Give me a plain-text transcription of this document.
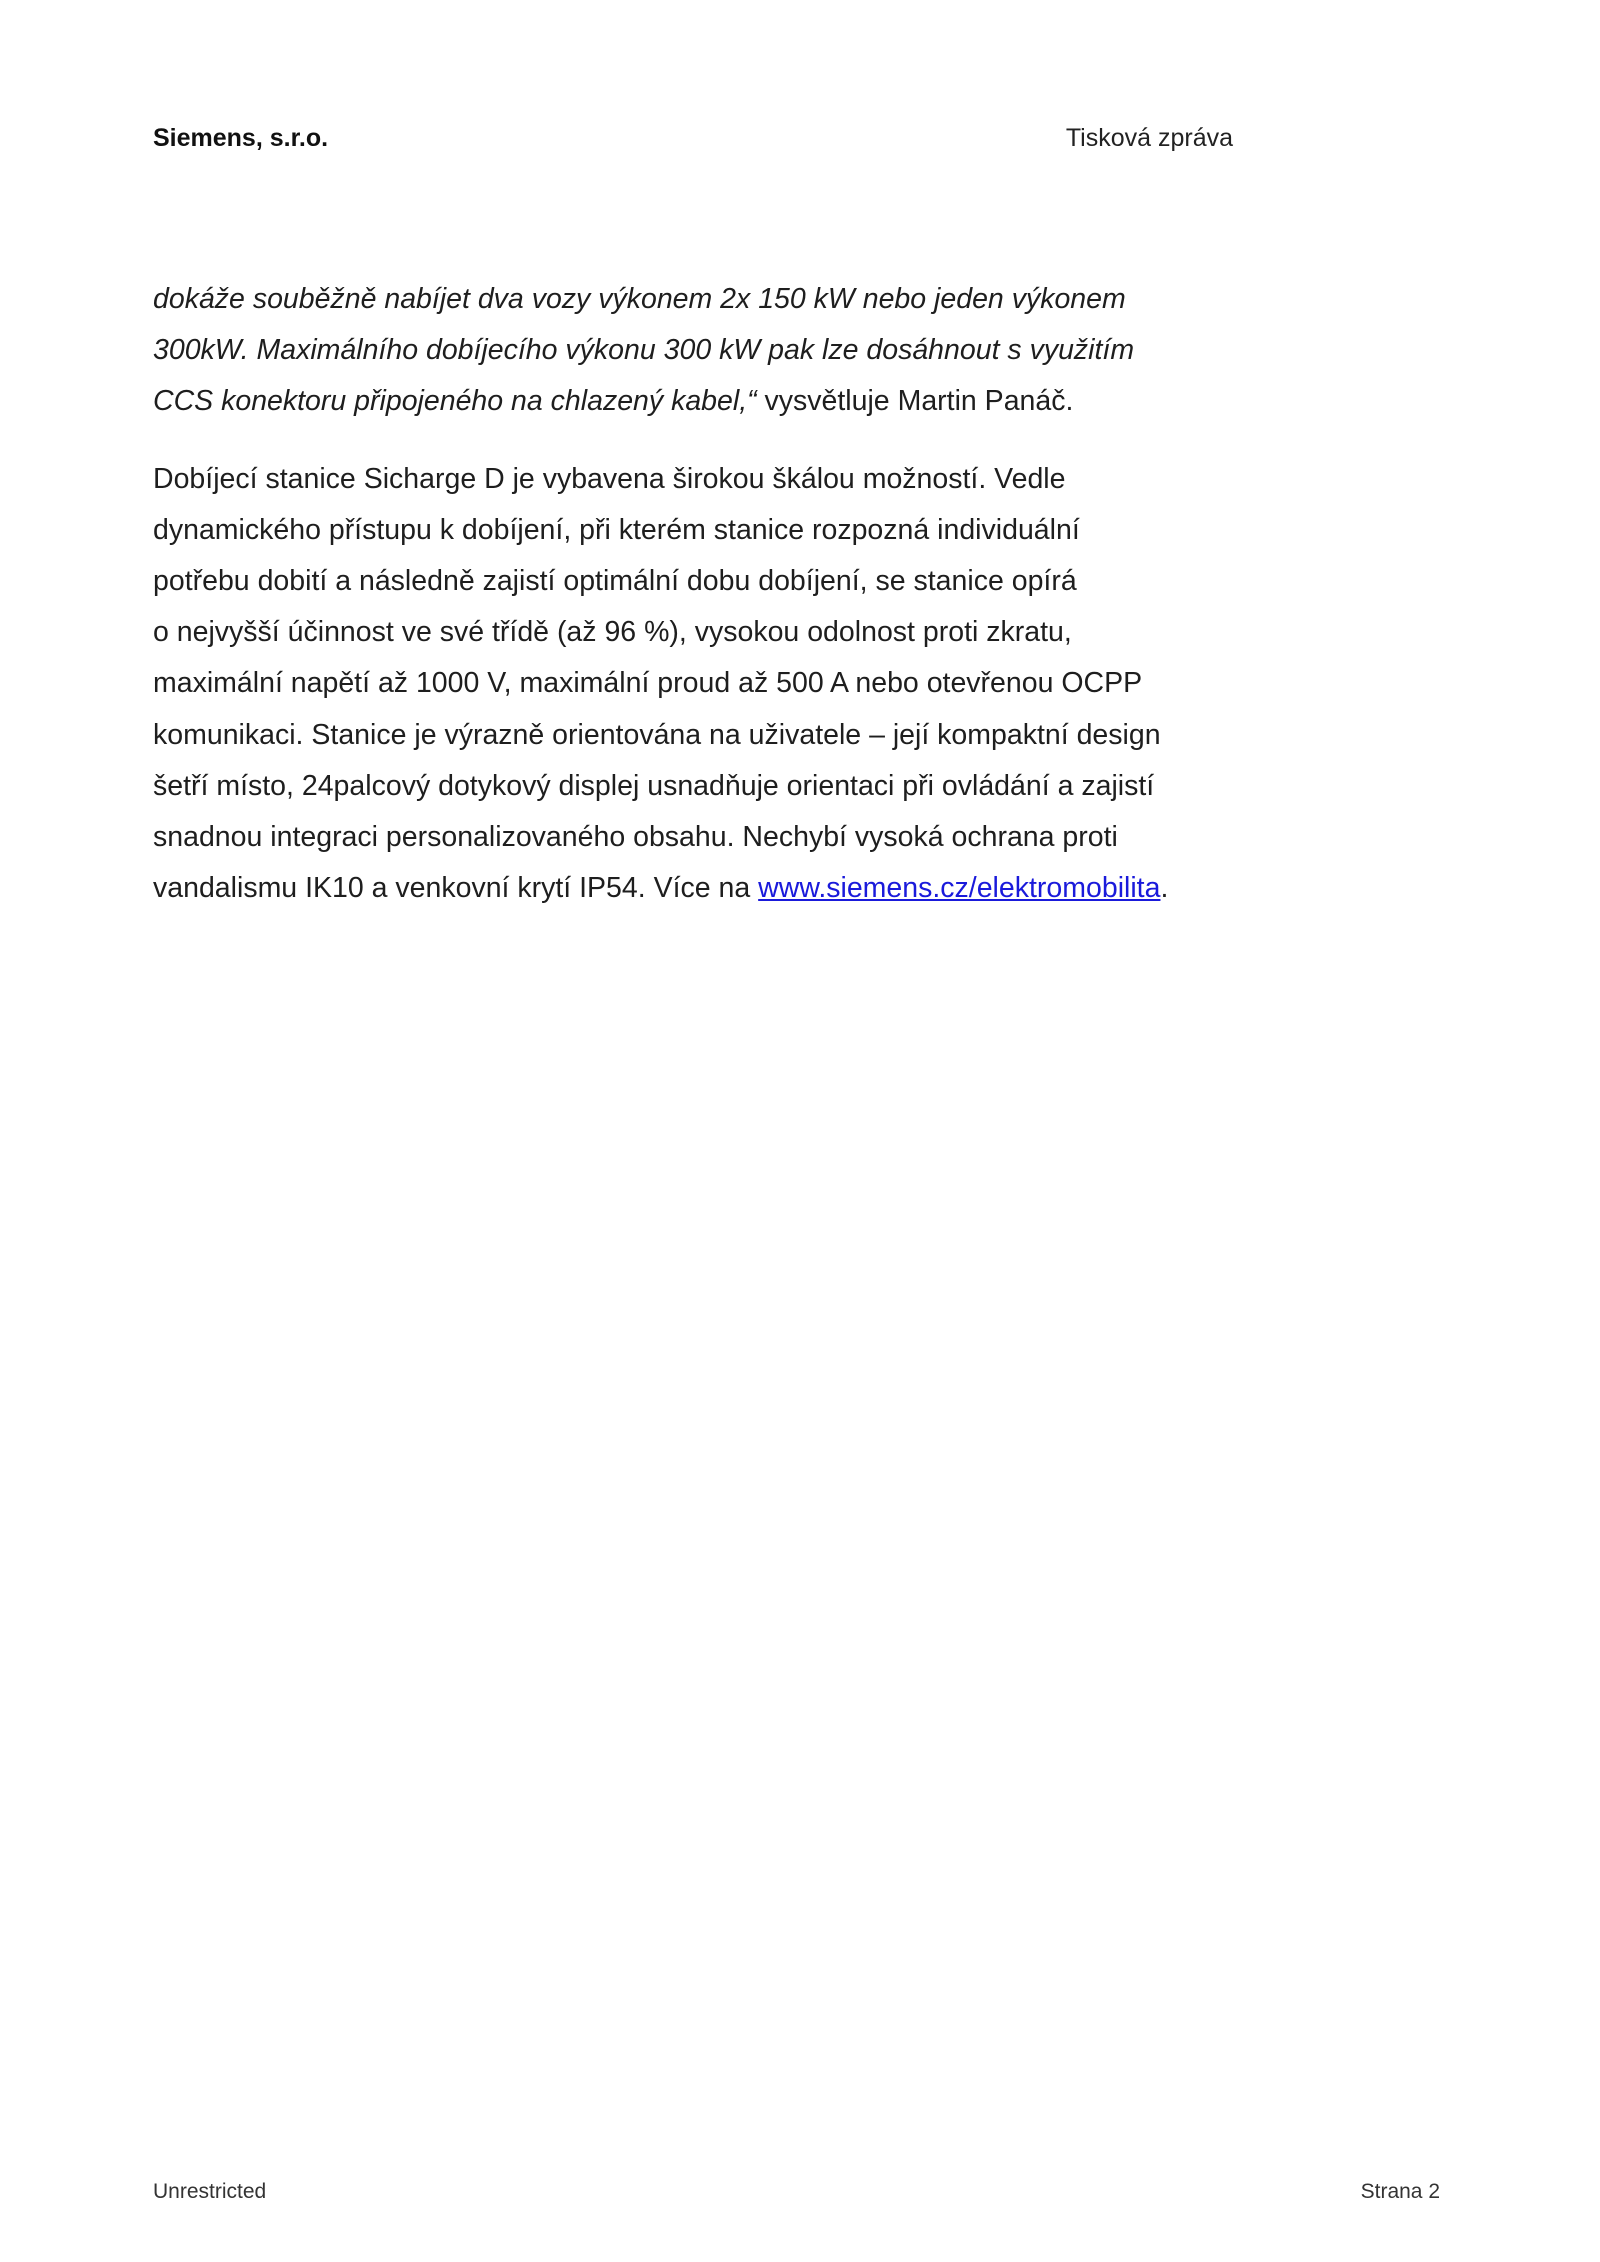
Siemens, s.r.o.	Tisková zpráva

dokáže souběžně nabíjet dva vozy výkonem 2x 150 kW nebo jeden výkonem

300kW. Maximálního dobíjecího výkonu 300 kW pak lze dosáhnout s využitím

CCS konektoru připojeného na chlazený kabel,“ vysvětluje Martin Panáč.

Dobíjecí stanice Sicharge D je vybavena širokou škálou možností. Vedle

dynamického přístupu k dobíjení, při kterém stanice rozpozná individuální

potřebu dobití a následně zajistí optimální dobu dobíjení, se stanice opírá

o nejvyšší účinnost ve své třídě (až 96 %), vysokou odolnost proti zkratu,

maximální napětí až 1000 V, maximální proud až 500 A nebo otevřenou OCPP

komunikaci. Stanice je výrazně orientována na uživatele – její kompaktní design

šetří místo, 24palcový dotykový displej usnadňuje orientaci při ovládání a zajistí

snadnou integraci personalizovaného obsahu. Nechybí vysoká ochrana proti

vandalismu IK10 a venkovní krytí IP54. Více na www.siemens.cz/elektromobilita.

Unrestricted	Strana 2
